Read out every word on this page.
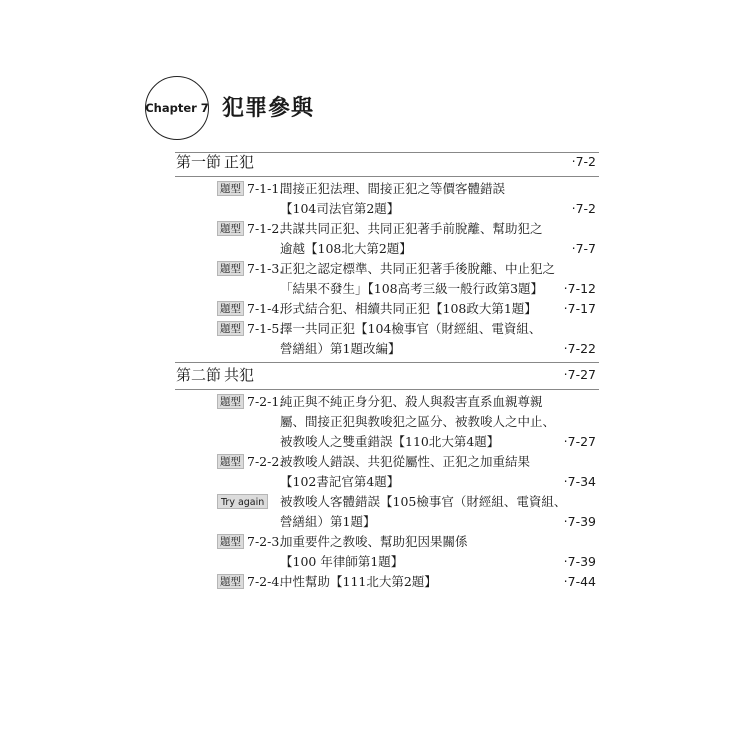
Chapter 7 犯罪參與
第一節 正犯	‧7-2
題型 7-1-1.
間接正犯法理、間接正犯之等價客體錯誤
【104司法官第2題】	‧7-2
題型 7-1-2.
共謀共同正犯、共同正犯著手前脫離、幫助犯之
逾越【108北大第2題】	‧7-7
題型 7-1-3.
正犯之認定標準、共同正犯著手後脫離、中止犯之
「結果不發生」【108高考三級一般行政第3題】 ‧7-12
題型 7-1-4.
形式結合犯、相續共同正犯【108政大第1題】 ‧7-17
題型 7-1-5.
擇一共同正犯【104檢事官（財經組、電資組、
營繕組）第1題改編】	‧7-22
第二節 共犯	‧7-27
題型 7-2-1.
純正與不純正身分犯、殺人與殺害直系血親尊親
屬、間接正犯與教唆犯之區分、被教唆人之中止、
被教唆人之雙重錯誤【110北大第4題】	‧7-27
題型 7-2-2.
被教唆人錯誤、共犯從屬性、正犯之加重結果
【102書記官第4題】	‧7-34
Try again	被教唆人客體錯誤【105檢事官（財經組、電資組、
營繕組）第1題】	‧7-39
題型 7-2-3.
加重要件之教唆、幫助犯因果關係
【100 年律師第1題】	‧7-39
題型 7-2-4.
中性幫助【111北大第2題】	‧7-44
